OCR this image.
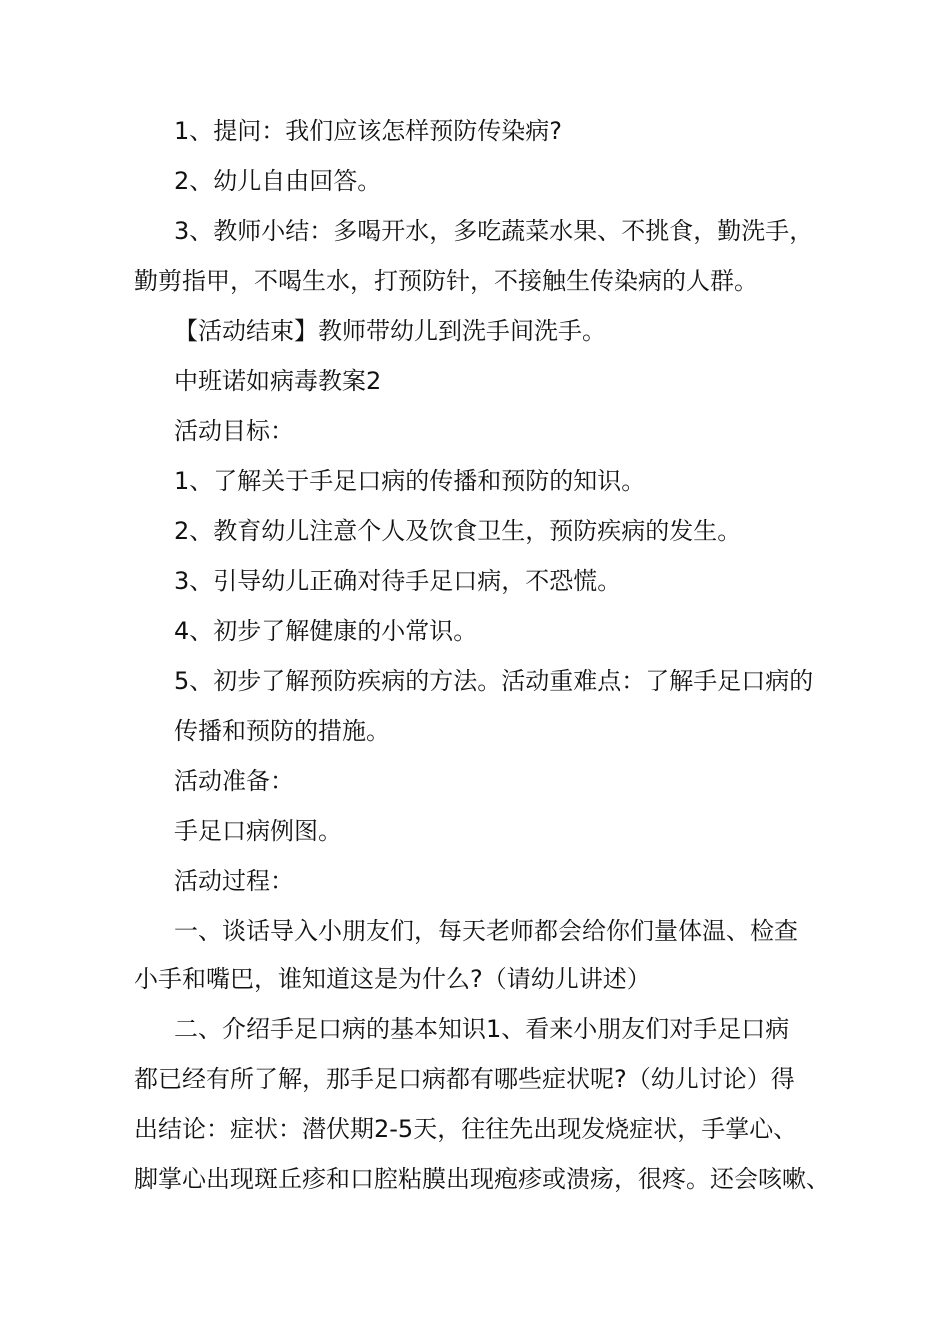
1、提问：我们应该怎样预防传染病?
2、幼儿自由回答。
3、教师小结：多喝开水，多吃蔬菜水果、不挑食，勤洗手，
勤剪指甲，不喝生水，打预防针，不接触生传染病的人群。
【活动结束】教师带幼儿到洗手间洗手。
中班诺如病毒教案2
活动目标：
1、了解关于手足口病的传播和预防的知识。
2、教育幼儿注意个人及饮食卫生，预防疾病的发生。
3、引导幼儿正确对待手足口病，不恐慌。
4、初步了解健康的小常识。
5、初步了解预防疾病的方法。活动重难点：了解手足口病的
传播和预防的措施。
活动准备：
手足口病例图。
活动过程：
一、谈话导入小朋友们，每天老师都会给你们量体温、检查
小手和嘴巴，谁知道这是为什么?（请幼儿讲述）
二、介绍手足口病的基本知识1、看来小朋友们对手足口病
都已经有所了解，那手足口病都有哪些症状呢?（幼儿讨论）得
出结论：症状：潜伏期2-5天，往往先出现发烧症状，手掌心、
脚掌心出现斑丘疹和口腔粘膜出现疱疹或溃疡，很疼。还会咳嗽、
